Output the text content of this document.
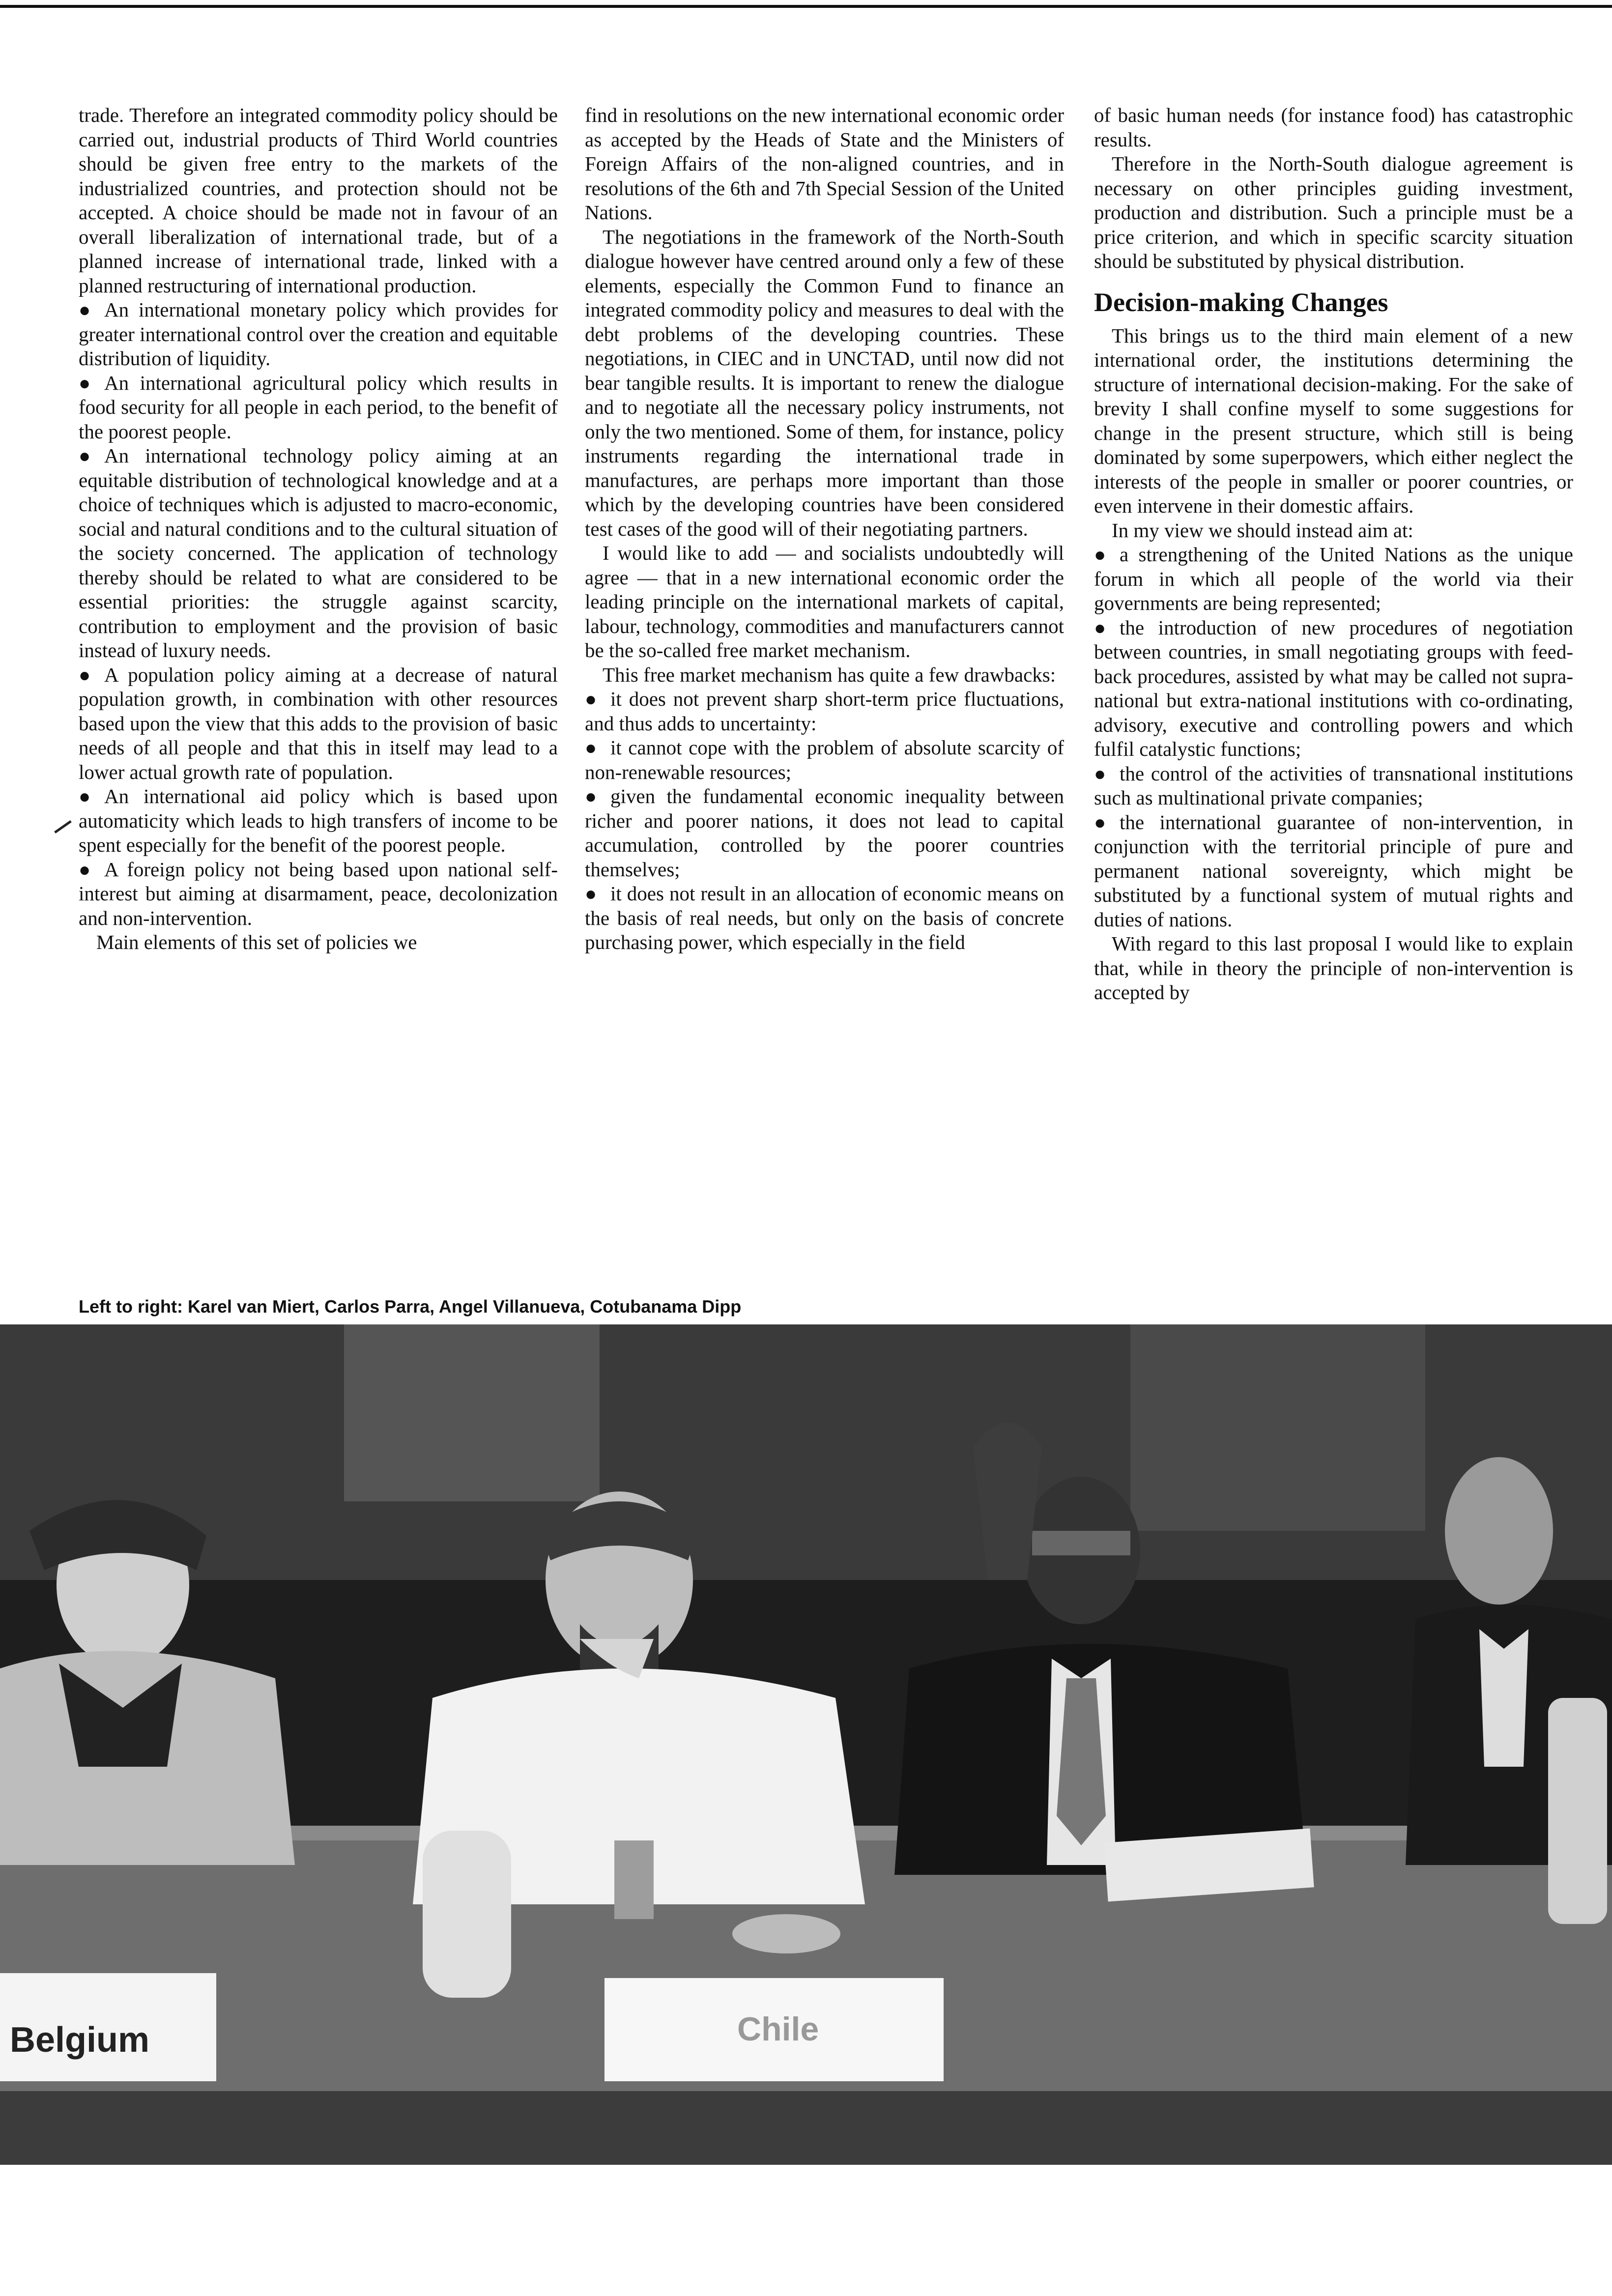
trade. Therefore an integrated commodity policy should be carried out, industrial products of Third World countries should be given free entry to the markets of the industrialized countries, and protection should not be accepted. A choice should be made not in favour of an overall liberalization of international trade, but of a planned increase of international trade, linked with a planned restructuring of international production.

● An international monetary policy which provides for greater international control over the creation and equitable distribution of liquidity.

● An international agricultural policy which results in food security for all people in each period, to the benefit of the poorest people.

● An international technology policy aiming at an equitable distribution of technological knowledge and at a choice of techniques which is adjusted to macro-economic, social and natural conditions and to the cultural situation of the society concerned. The application of technology thereby should be related to what are considered to be essential priorities: the struggle against scarcity, contribution to employment and the provision of basic instead of luxury needs.

● A population policy aiming at a decrease of natural population growth, in combination with other resources based upon the view that this adds to the provision of basic needs of all people and that this in itself may lead to a lower actual growth rate of population.

● An international aid policy which is based upon automaticity which leads to high transfers of income to be spent especially for the benefit of the poorest people.

● A foreign policy not being based upon national self-interest but aiming at disarmament, peace, decolonization and non-intervention.

Main elements of this set of policies we

find in resolutions on the new international economic order as accepted by the Heads of State and the Ministers of Foreign Affairs of the non-aligned countries, and in resolutions of the 6th and 7th Special Session of the United Nations.

The negotiations in the framework of the North-South dialogue however have centred around only a few of these elements, especially the Common Fund to finance an integrated commodity policy and measures to deal with the debt problems of the developing countries. These negotiations, in CIEC and in UNCTAD, until now did not bear tangible results. It is important to renew the dialogue and to negotiate all the necessary policy instruments, not only the two mentioned. Some of them, for instance, policy instruments regarding the international trade in manufactures, are perhaps more important than those which by the developing countries have been considered test cases of the good will of their negotiating partners.

I would like to add — and socialists undoubtedly will agree — that in a new international economic order the leading principle on the international markets of capital, labour, technology, commodities and manufacturers cannot be the so-called free market mechanism.

This free market mechanism has quite a few drawbacks:

● it does not prevent sharp short-term price fluctuations, and thus adds to uncertainty:

● it cannot cope with the problem of absolute scarcity of non-renewable resources;

● given the fundamental economic inequality between richer and poorer nations, it does not lead to capital accumulation, controlled by the poorer countries themselves;

● it does not result in an allocation of economic means on the basis of real needs, but only on the basis of concrete purchasing power, which especially in the field

of basic human needs (for instance food) has catastrophic results.

Therefore in the North-South dialogue agreement is necessary on other principles guiding investment, production and distribution. Such a principle must be a price criterion, and which in specific scarcity situation should be substituted by physical distribution.

Decision-making Changes

This brings us to the third main element of a new international order, the institutions determining the structure of international decision-making. For the sake of brevity I shall confine myself to some suggestions for change in the present structure, which still is being dominated by some superpowers, which either neglect the interests of the people in smaller or poorer countries, or even intervene in their domestic affairs.

In my view we should instead aim at:

● a strengthening of the United Nations as the unique forum in which all people of the world via their governments are being represented;

● the introduction of new procedures of negotiation between countries, in small negotiating groups with feed-back procedures, assisted by what may be called not supra-national but extra-national institutions with co-ordinating, advisory, executive and controlling powers and which fulfil catalystic functions;

● the control of the activities of transnational institutions such as multinational private companies;

● the international guarantee of non-intervention, in conjunction with the territorial principle of pure and permanent national sovereignty, which might be substituted by a functional system of mutual rights and duties of nations.

With regard to this last proposal I would like to explain that, while in theory the principle of non-intervention is accepted by

Left to right: Karel van Miert, Carlos Parra, Angel Villanueva, Cotubanama Dipp
Belgium	Chile
